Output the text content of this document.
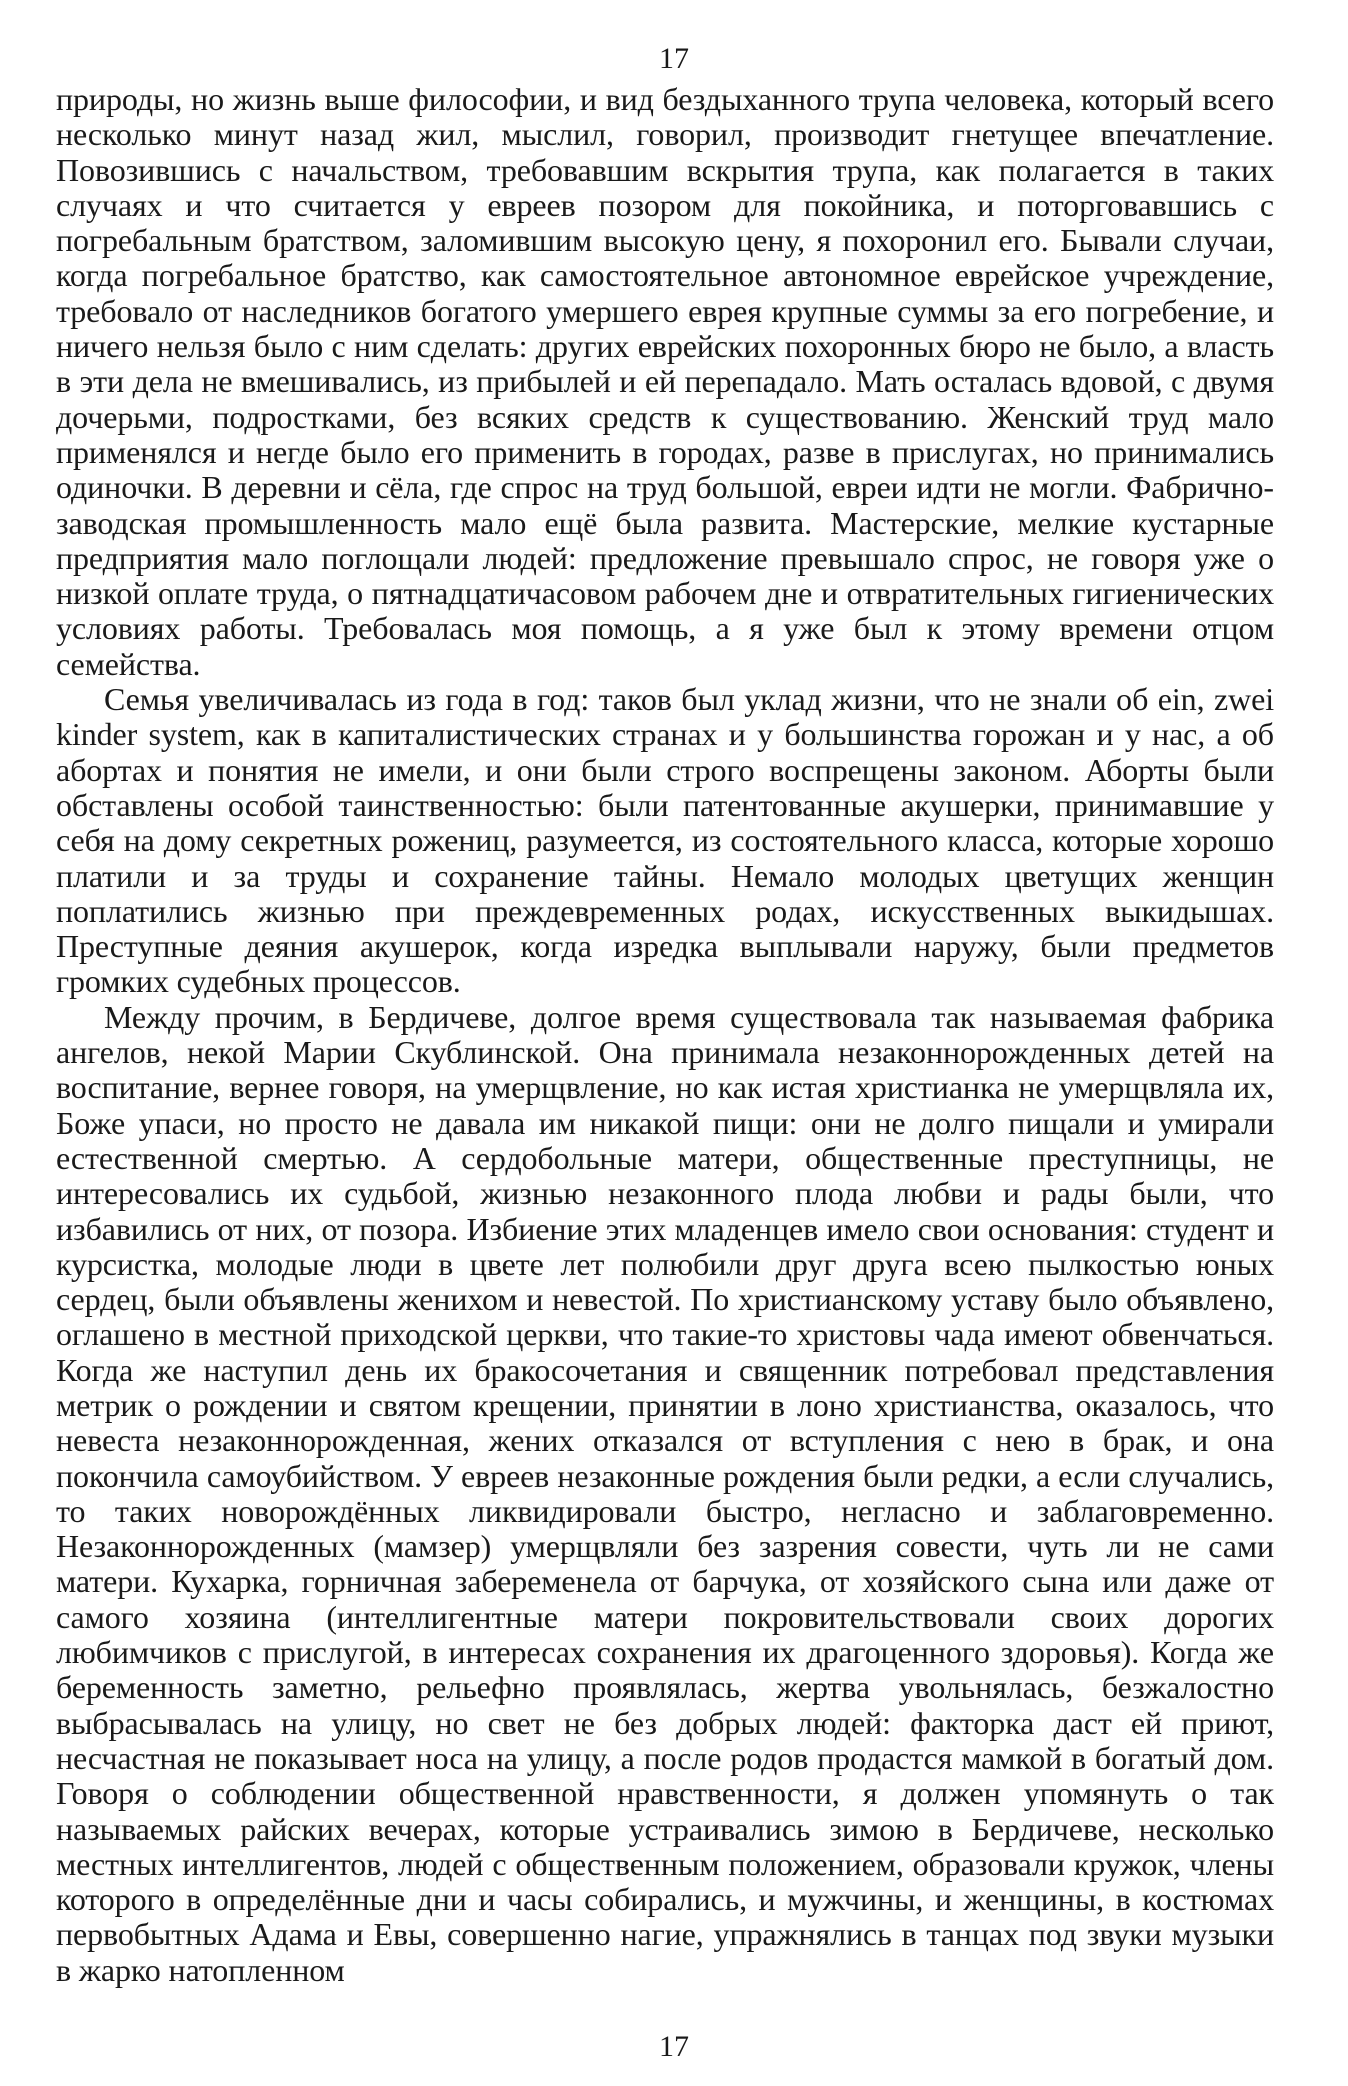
17

природы, но жизнь выше философии, и вид бездыханного трупа человека, который всего несколько минут назад жил, мыслил, говорил, производит гнетущее впечатление. Повозившись с начальством, требовавшим вскрытия трупа, как полагается в таких случаях и что считается у евреев позором для покойника, и поторговавшись с погребальным братством, заломившим высокую цену, я похоронил его. Бывали случаи, когда погребальное братство, как самостоятельное автономное еврейское учреждение, требовало от наследников богатого умершего еврея крупные суммы за его погребение, и ничего нельзя было с ним сделать: других еврейских похоронных бюро не было, а власть в эти дела не вмешивались, из прибылей и ей перепадало. Мать осталась вдовой, с двумя дочерьми, подростками, без всяких средств к существованию. Женский труд мало применялся и негде было его применить в городах, разве в прислугах, но принимались одиночки. В деревни и сёла, где спрос на труд большой, евреи идти не могли. Фабрично-заводская промышленность мало ещё была развита. Мастерские, мелкие кустарные предприятия мало поглощали людей: предложение превышало спрос, не говоря уже о низкой оплате труда, о пятнадцатичасовом рабочем дне и отвратительных гигиенических условиях работы. Требовалась моя помощь, а я уже был к этому времени отцом семейства.

Семья увеличивалась из года в год: таков был уклад жизни, что не знали об ein, zwei kinder system, как в капиталистических странах и у большинства горожан и у нас, а об абортах и понятия не имели, и они были строго воспрещены законом. Аборты были обставлены особой таинственностью: были патентованные акушерки, принимавшие у себя на дому секретных рожениц, разумеется, из состоятельного класса, которые хорошо платили и за труды и сохранение тайны. Немало молодых цветущих женщин поплатились жизнью при преждевременных родах, искусственных выкидышах. Преступные деяния акушерок, когда изредка выплывали наружу, были предметов громких судебных процессов.

Между прочим, в Бердичеве, долгое время существовала так называемая фабрика ангелов, некой Марии Скублинской. Она принимала незаконнорожденных детей на воспитание, вернее говоря, на умерщвление, но как истая христианка не умерщвляла их, Боже упаси, но просто не давала им никакой пищи: они не долго пищали и умирали естественной смертью. А сердобольные матери, общественные преступницы, не интересовались их судьбой, жизнью незаконного плода любви и рады были, что избавились от них, от позора. Избиение этих младенцев имело свои основания: студент и курсистка, молодые люди в цвете лет полюбили друг друга всею пылкостью юных сердец, были объявлены женихом и невестой. По христианскому уставу было объявлено, оглашено в местной приходской церкви, что такие-то христовы чада имеют обвенчаться. Когда же наступил день их бракосочетания и священник потребовал представления метрик о рождении и святом крещении, принятии в лоно христианства, оказалось, что невеста незаконнорожденная, жених отказался от вступления с нею в брак, и она покончила самоубийством. У евреев незаконные рождения были редки, а если случались, то таких новорождённых ликвидировали быстро, негласно и заблаговременно. Незаконнорожденных (мамзер) умерщвляли без зазрения совести, чуть ли не сами матери. Кухарка, горничная забеременела от барчука, от хозяйского сына или даже от самого хозяина (интеллигентные матери покровительствовали своих дорогих любимчиков с прислугой, в интересах сохранения их драгоценного здоровья). Когда же беременность заметно, рельефно проявлялась, жертва увольнялась, безжалостно выбрасывалась на улицу, но свет не без добрых людей: факторка даст ей приют, несчастная не показывает носа на улицу, а после родов продастся мамкой в богатый дом. Говоря о соблюдении общественной нравственности, я должен упомянуть о так называемых райских вечерах, которые устраивались зимою в Бердичеве, несколько местных интеллигентов, людей с общественным положением, образовали кружок, члены которого в определённые дни и часы собирались, и мужчины, и женщины, в костюмах первобытных Адама и Евы, совершенно нагие, упражнялись в танцах под звуки музыки в жарко натопленном

17
